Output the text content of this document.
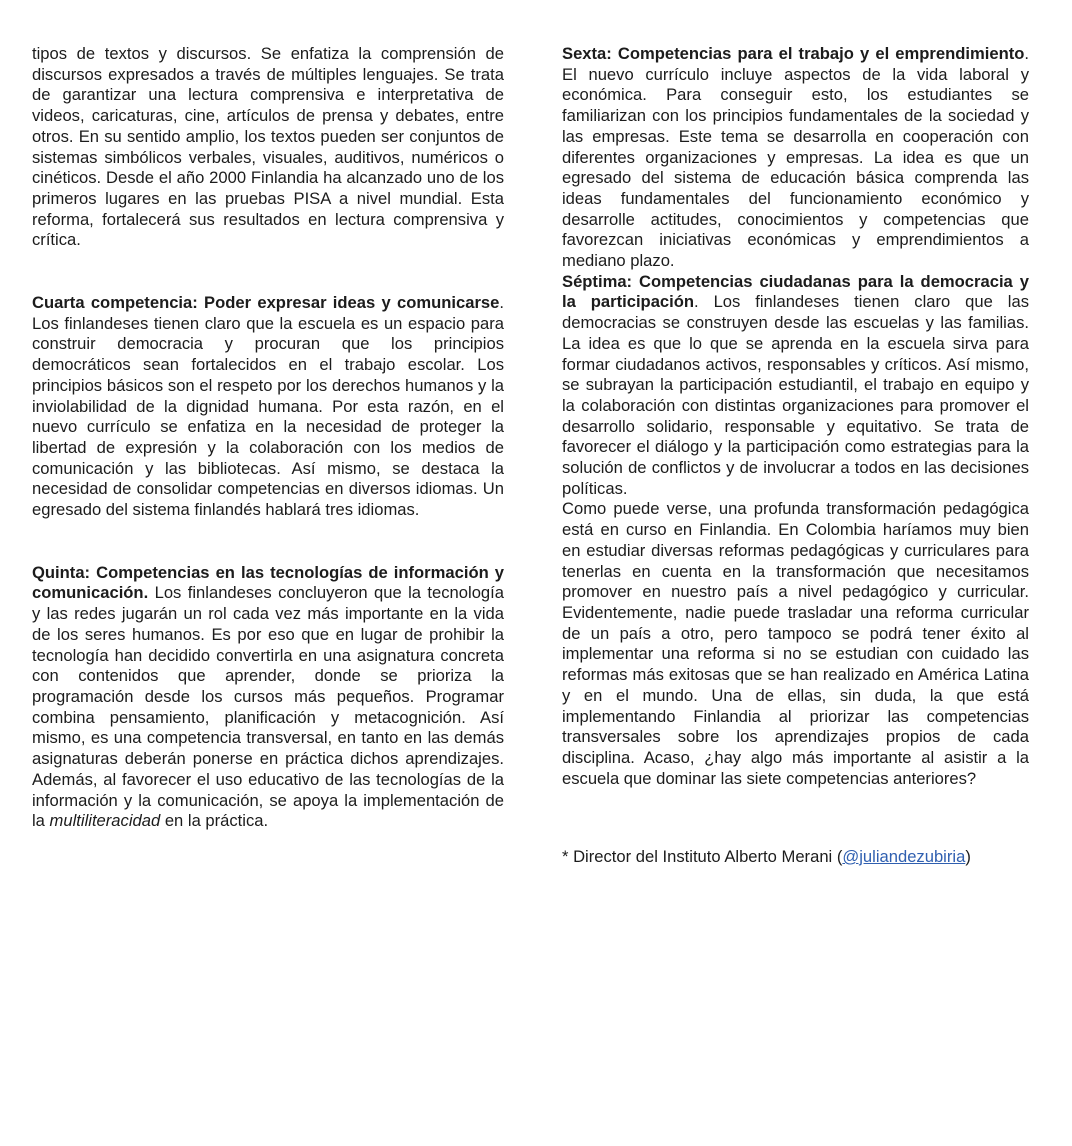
tipos de textos y discursos. Se enfatiza la comprensión de discursos expresados a través de múltiples lenguajes. Se trata de garantizar una lectura comprensiva e interpretativa de videos, caricaturas, cine, artículos de prensa y debates, entre otros. En su sentido amplio, los textos pueden ser conjuntos de sistemas simbólicos verbales, visuales, auditivos, numéricos o cinéticos. Desde el año 2000 Finlandia ha alcanzado uno de los primeros lugares en las pruebas PISA a nivel mundial. Esta reforma, fortalecerá sus resultados en lectura comprensiva y crítica.

Cuarta competencia: Poder expresar ideas y comunicarse. Los finlandeses tienen claro que la escuela es un espacio para construir democracia y procuran que los principios democráticos sean fortalecidos en el trabajo escolar. Los principios básicos son el respeto por los derechos humanos y la inviolabilidad de la dignidad humana. Por esta razón, en el nuevo currículo se enfatiza en la necesidad de proteger la libertad de expresión y la colaboración con los medios de comunicación y las bibliotecas. Así mismo, se destaca la necesidad de consolidar competencias en diversos idiomas. Un egresado del sistema finlandés hablará tres idiomas.

Quinta: Competencias en las tecnologías de información y comunicación. Los finlandeses concluyeron que la tecnología y las redes jugarán un rol cada vez más importante en la vida de los seres humanos. Es por eso que en lugar de prohibir la tecnología han decidido convertirla en una asignatura concreta con contenidos que aprender, donde se prioriza la programación desde los cursos más pequeños. Programar combina pensamiento, planificación y metacognición. Así mismo, es una competencia transversal, en tanto en las demás asignaturas deberán ponerse en práctica dichos aprendizajes. Además, al favorecer el uso educativo de las tecnologías de la información y la comunicación, se apoya la implementación de la multiliteracidad en la práctica.

Sexta: Competencias para el trabajo y el emprendimiento. El nuevo currículo incluye aspectos de la vida laboral y económica. Para conseguir esto, los estudiantes se familiarizan con los principios fundamentales de la sociedad y las empresas. Este tema se desarrolla en cooperación con diferentes organizaciones y empresas. La idea es que un egresado del sistema de educación básica comprenda las ideas fundamentales del funcionamiento económico y desarrolle actitudes, conocimientos y competencias que favorezcan iniciativas económicas y emprendimientos a mediano plazo.

Séptima: Competencias ciudadanas para la democracia y la participación. Los finlandeses tienen claro que las democracias se construyen desde las escuelas y las familias. La idea es que lo que se aprenda en la escuela sirva para formar ciudadanos activos, responsables y críticos. Así mismo, se subrayan la participación estudiantil, el trabajo en equipo y la colaboración con distintas organizaciones para promover el desarrollo solidario, responsable y equitativo. Se trata de favorecer el diálogo y la participación como estrategias para la solución de conflictos y de involucrar a todos en las decisiones políticas.

Como puede verse, una profunda transformación pedagógica está en curso en Finlandia. En Colombia haríamos muy bien en estudiar diversas reformas pedagógicas y curriculares para tenerlas en cuenta en la transformación que necesitamos promover en nuestro país a nivel pedagógico y curricular. Evidentemente, nadie puede trasladar una reforma curricular de un país a otro, pero tampoco se podrá tener éxito al implementar una reforma si no se estudian con cuidado las reformas más exitosas que se han realizado en América Latina y en el mundo. Una de ellas, sin duda, la que está implementando Finlandia al priorizar las competencias transversales sobre los aprendizajes propios de cada disciplina. Acaso, ¿hay algo más importante al asistir a la escuela que dominar las siete competencias anteriores?

* Director del Instituto Alberto Merani (@juliandezubiria)
